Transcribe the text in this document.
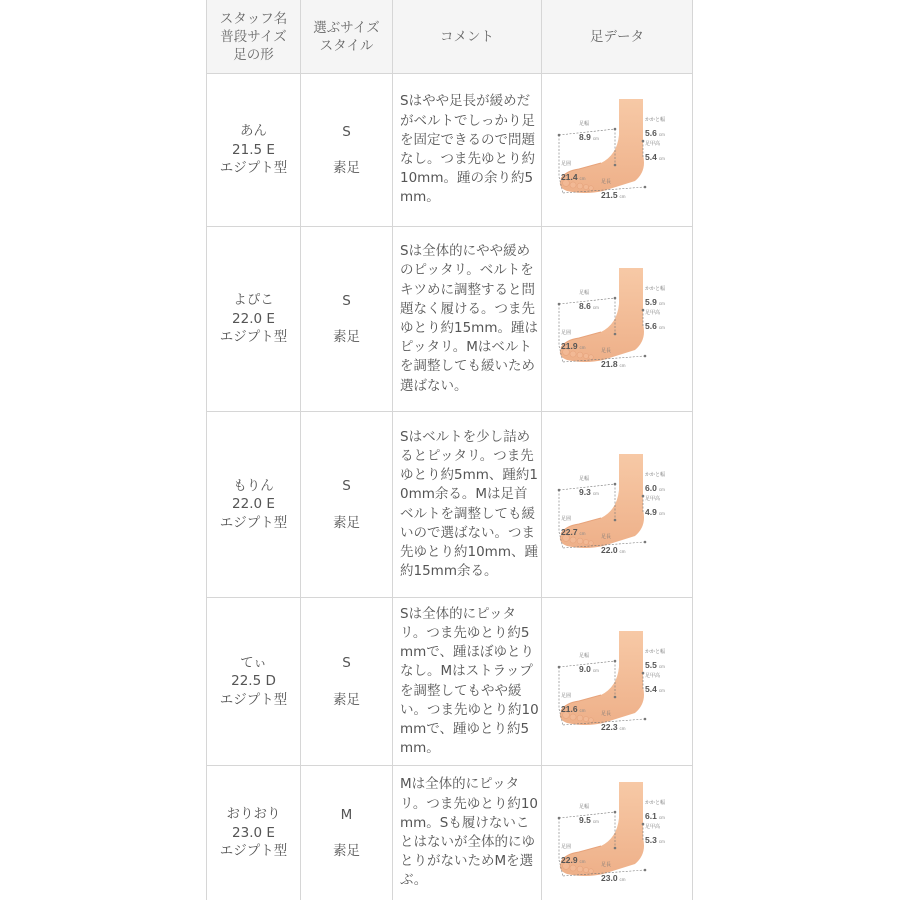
スタッフ名
普段サイズ
足の形
選ぶサイズ
スタイル
コメント	足データ
あん
21.5 E
エジプト型
S
素足
Sはやや足長が緩めだがベルトでしっかり足を固定できるので問題なし。つま先ゆとり約10mm。踵の余り約5mm。
足幅
8.9 cm
かかと幅
5.6 cm
足甲高
5.4 cm
足囲
21.4 cm
足長
21.5 cm
よぴこ
22.0 E
エジプト型
S
素足
Sは全体的にやや緩めのピッタリ。ベルトをキツめに調整すると問題なく履ける。つま先ゆとり約15mm。踵はピッタリ。Mはベルトを調整しても緩いため選ばない。
足幅
8.6 cm
かかと幅
5.9 cm
足甲高
5.6 cm
足囲
21.9 cm
足長
21.8 cm
もりん
22.0 E
エジプト型
S
素足
Sはベルトを少し詰めるとピッタリ。つま先ゆとり約5mm、踵約10mm余る。Mは足首ベルトを調整しても緩いので選ばない。つま先ゆとり約10mm、踵約15mm余る。
足幅
9.3 cm
かかと幅
6.0 cm
足甲高
4.9 cm
足囲
22.7 cm
足長
22.0 cm
てぃ
22.5 D
エジプト型
S
素足
Sは全体的にピッタリ。つま先ゆとり約5mmで、踵ほぼゆとりなし。Mはストラップを調整してもやや緩い。つま先ゆとり約10mmで、踵ゆとり約5mm。
足幅
9.0 cm
かかと幅
5.5 cm
足甲高
5.4 cm
足囲
21.6 cm
足長
22.3 cm
おりおり
23.0 E
エジプト型
M
素足
Mは全体的にピッタリ。つま先ゆとり約10mm。Sも履けないことはないが全体的にゆとりがないためMを選ぶ。
足幅
9.5 cm
かかと幅
6.1 cm
足甲高
5.3 cm
足囲
22.9 cm
足長
23.0 cm
